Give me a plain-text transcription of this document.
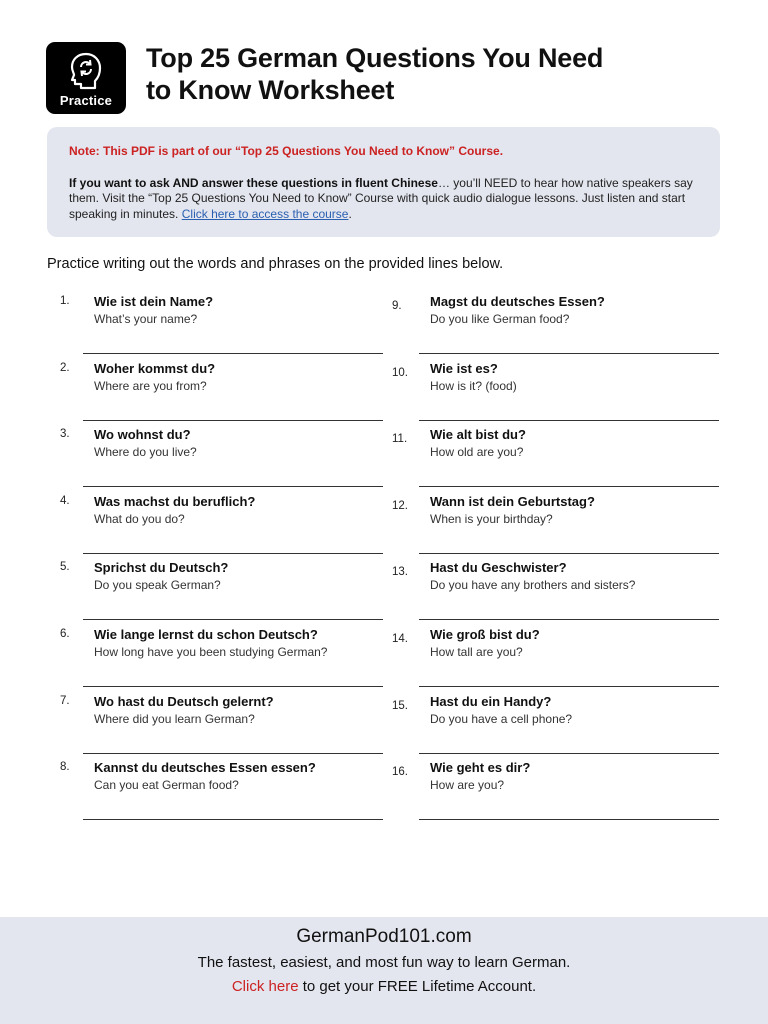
Practice
Top 25 German Questions You Need
to Know Worksheet
Note: This PDF is part of our “Top 25 Questions You Need to Know” Course.
If you want to ask AND answer these questions in fluent Chinese… you’ll NEED to hear how native speakers say them. Visit the “Top 25 Questions You Need to Know” Course with quick audio dialogue lessons. Just listen and start speaking in minutes. Click here to access the course.
Practice writing out the words and phrases on the provided lines below.
1.	Wie ist dein Name?
What’s your name?
2.	Woher kommst du?
Where are you from?
3.	Wo wohnst du?
Where do you live?
4.	Was machst du beruflich?
What do you do?
5.	Sprichst du Deutsch?
Do you speak German?
6.	Wie lange lernst du schon Deutsch?
How long have you been studying German?
7.	Wo hast du Deutsch gelernt?
Where did you learn German?
8.	Kannst du deutsches Essen essen?
Can you eat German food?
9.	Magst du deutsches Essen?
Do you like German food?
10.	Wie ist es?
How is it? (food)
11.	Wie alt bist du?
How old are you?
12.	Wann ist dein Geburtstag?
When is your birthday?
13.	Hast du Geschwister?
Do you have any brothers and sisters?
14.	Wie groß bist du?
How tall are you?
15.	Hast du ein Handy?
Do you have a cell phone?
16.	Wie geht es dir?
How are you?
GermanPod101.com
The fastest, easiest, and most fun way to learn German.
Click here to get your FREE Lifetime Account.
